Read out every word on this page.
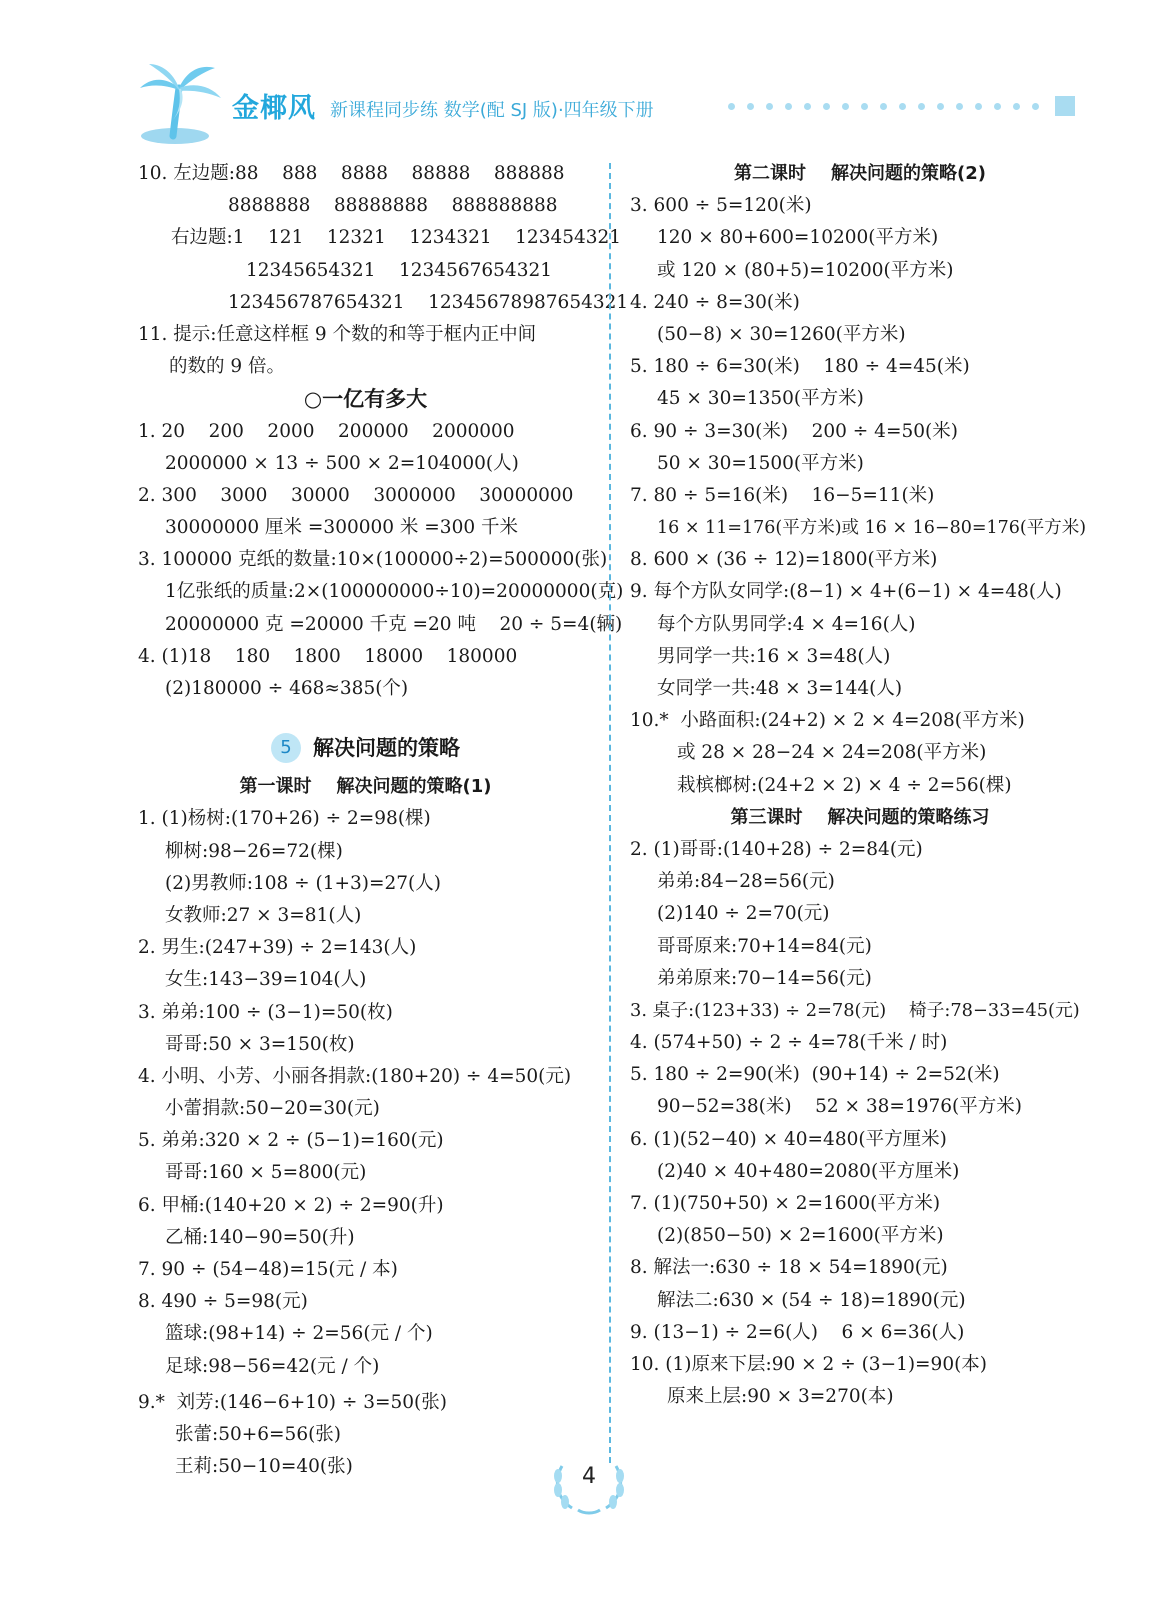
金椰风 新课程同步练 数学(配 SJ 版)·四年级下册
10. 左边题:88    888    8888    88888    888888
8888888    88888888    888888888
右边题:1    121    12321    1234321    123454321
12345654321    1234567654321
123456787654321    12345678987654321
11. 提示:任意这样框 9 个数的和等于框内正中间
的数的 9 倍。
○一亿有多大
1. 20    200    2000    200000    2000000
2000000 × 13 ÷ 500 × 2=104000(人)
2. 300    3000    30000    3000000    30000000
30000000 厘米 =300000 米 =300 千米
3. 100000 克纸的数量:10×(100000÷2)=500000(张)
1亿张纸的质量:2×(100000000÷10)=20000000(克)
20000000 克 =20000 千克 =20 吨    20 ÷ 5=4(辆)
4. (1)18    180    1800    18000    180000
(2)180000 ÷ 468≈385(个)
5	解决问题的策略
第一课时    解决问题的策略(1)
1. (1)杨树:(170+26) ÷ 2=98(棵)
柳树:98−26=72(棵)
(2)男教师:108 ÷ (1+3)=27(人)
女教师:27 × 3=81(人)
2. 男生:(247+39) ÷ 2=143(人)
女生:143−39=104(人)
3. 弟弟:100 ÷ (3−1)=50(枚)
哥哥:50 × 3=150(枚)
4. 小明、小芳、小丽各捐款:(180+20) ÷ 4=50(元)
小蕾捐款:50−20=30(元)
5. 弟弟:320 × 2 ÷ (5−1)=160(元)
哥哥:160 × 5=800(元)
6. 甲桶:(140+20 × 2) ÷ 2=90(升)
乙桶:140−90=50(升)
7. 90 ÷ (54−48)=15(元 / 本)
8. 490 ÷ 5=98(元)
篮球:(98+14) ÷ 2=56(元 / 个)
足球:98−56=42(元 / 个)
9.*  刘芳:(146−6+10) ÷ 3=50(张)
张蕾:50+6=56(张)
王莉:50−10=40(张)
第二课时    解决问题的策略(2)
3. 600 ÷ 5=120(米)
120 × 80+600=10200(平方米)
或 120 × (80+5)=10200(平方米)
4. 240 ÷ 8=30(米)
(50−8) × 30=1260(平方米)
5. 180 ÷ 6=30(米)    180 ÷ 4=45(米)
45 × 30=1350(平方米)
6. 90 ÷ 3=30(米)    200 ÷ 4=50(米)
50 × 30=1500(平方米)
7. 80 ÷ 5=16(米)    16−5=11(米)
16 × 11=176(平方米)或 16 × 16−80=176(平方米)
8. 600 × (36 ÷ 12)=1800(平方米)
9. 每个方队女同学:(8−1) × 4+(6−1) × 4=48(人)
每个方队男同学:4 × 4=16(人)
男同学一共:16 × 3=48(人)
女同学一共:48 × 3=144(人)
10.*  小路面积:(24+2) × 2 × 4=208(平方米)
或 28 × 28−24 × 24=208(平方米)
栽槟榔树:(24+2 × 2) × 4 ÷ 2=56(棵)
第三课时    解决问题的策略练习
2. (1)哥哥:(140+28) ÷ 2=84(元)
弟弟:84−28=56(元)
(2)140 ÷ 2=70(元)
哥哥原来:70+14=84(元)
弟弟原来:70−14=56(元)
3. 桌子:(123+33) ÷ 2=78(元)    椅子:78−33=45(元)
4. (574+50) ÷ 2 ÷ 4=78(千米 / 时)
5. 180 ÷ 2=90(米)  (90+14) ÷ 2=52(米)
90−52=38(米)    52 × 38=1976(平方米)
6. (1)(52−40) × 40=480(平方厘米)
(2)40 × 40+480=2080(平方厘米)
7. (1)(750+50) × 2=1600(平方米)
(2)(850−50) × 2=1600(平方米)
8. 解法一:630 ÷ 18 × 54=1890(元)
解法二:630 × (54 ÷ 18)=1890(元)
9. (13−1) ÷ 2=6(人)    6 × 6=36(人)
10. (1)原来下层:90 × 2 ÷ (3−1)=90(本)
原来上层:90 × 3=270(本)
4
